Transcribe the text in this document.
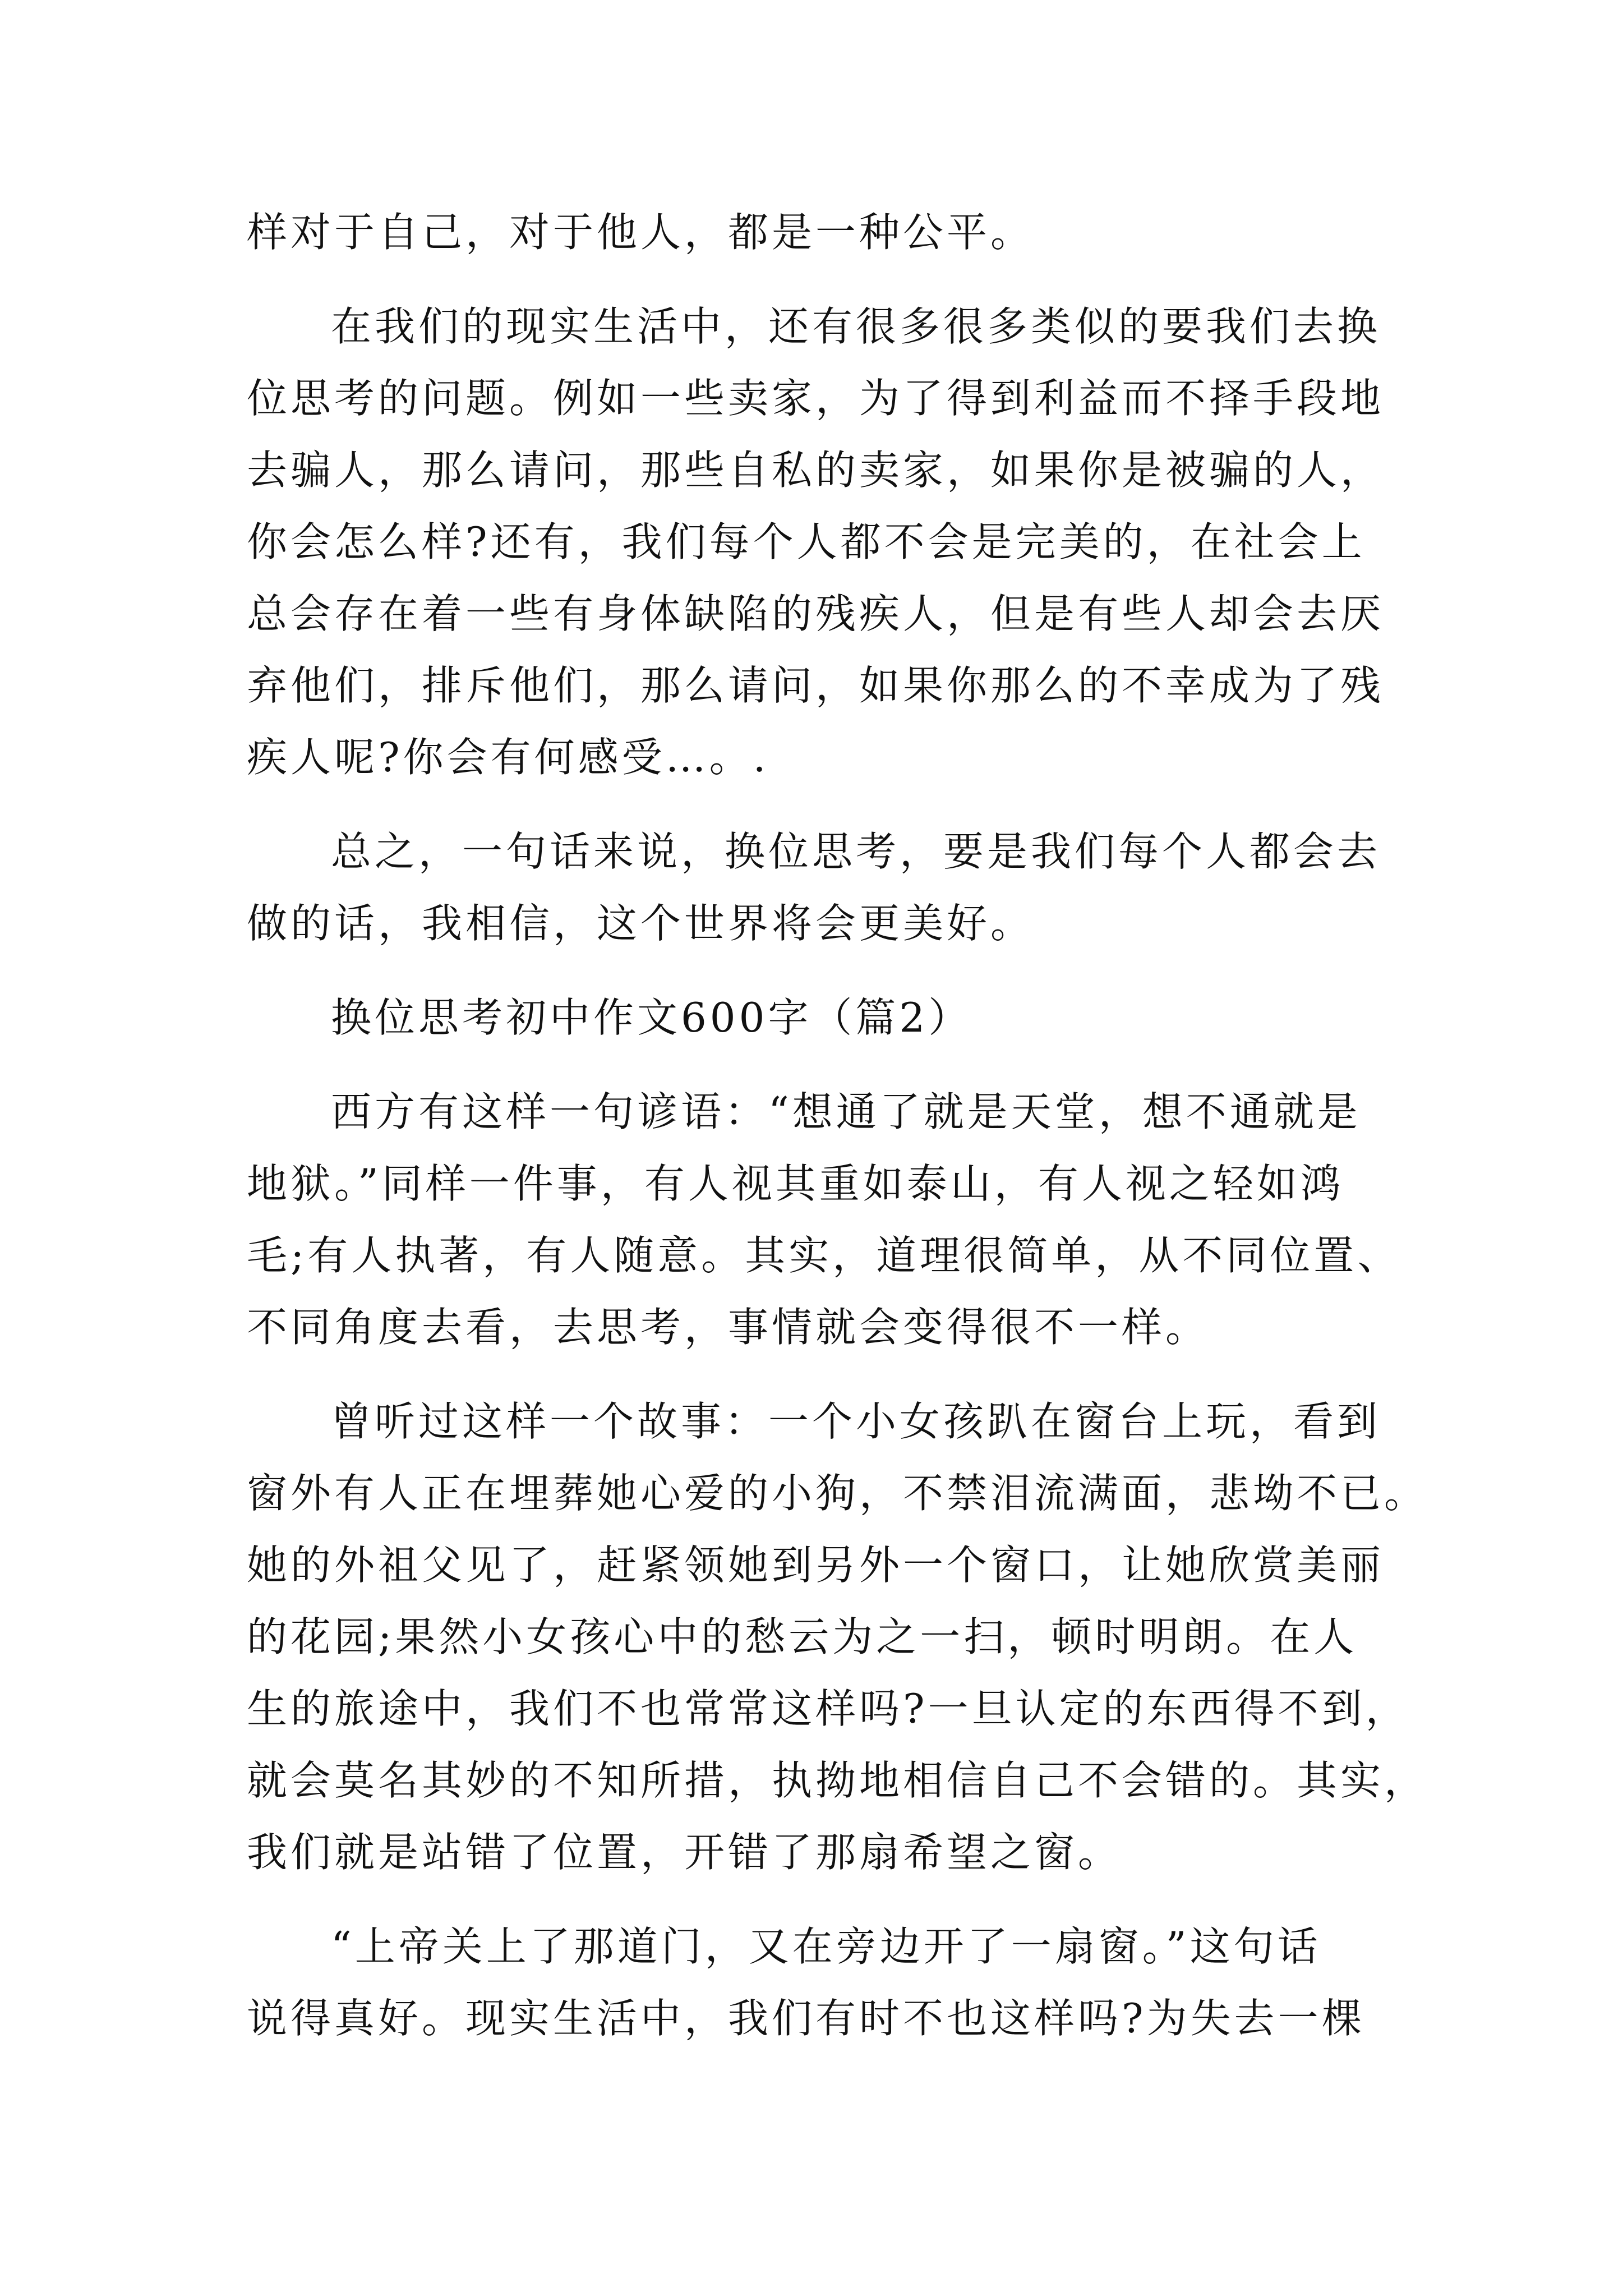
样对于自己，对于他人，都是一种公平。
在我们的现实生活中，还有很多很多类似的要我们去换
位思考的问题。例如一些卖家，为了得到利益而不择手段地
去骗人，那么请问，那些自私的卖家，如果你是被骗的人，
你会怎么样?还有，我们每个人都不会是完美的，在社会上
总会存在着一些有身体缺陷的残疾人，但是有些人却会去厌
弃他们，排斥他们，那么请问，如果你那么的不幸成为了残
疾人呢?你会有何感受…。.
总之，一句话来说，换位思考，要是我们每个人都会去
做的话，我相信，这个世界将会更美好。
换位思考初中作文600字（篇2）
西方有这样一句谚语：“想通了就是天堂，想不通就是
地狱。”同样一件事，有人视其重如泰山，有人视之轻如鸿
毛;有人执著，有人随意。其实，道理很简单，从不同位置、
不同角度去看，去思考，事情就会变得很不一样。
曾听过这样一个故事：一个小女孩趴在窗台上玩，看到
窗外有人正在埋葬她心爱的小狗，不禁泪流满面，悲坳不已。
她的外祖父见了，赶紧领她到另外一个窗口，让她欣赏美丽
的花园;果然小女孩心中的愁云为之一扫，顿时明朗。在人
生的旅途中，我们不也常常这样吗?一旦认定的东西得不到，
就会莫名其妙的不知所措，执拗地相信自己不会错的。其实，
我们就是站错了位置，开错了那扇希望之窗。
“上帝关上了那道门，又在旁边开了一扇窗。”这句话
说得真好。现实生活中，我们有时不也这样吗?为失去一棵
